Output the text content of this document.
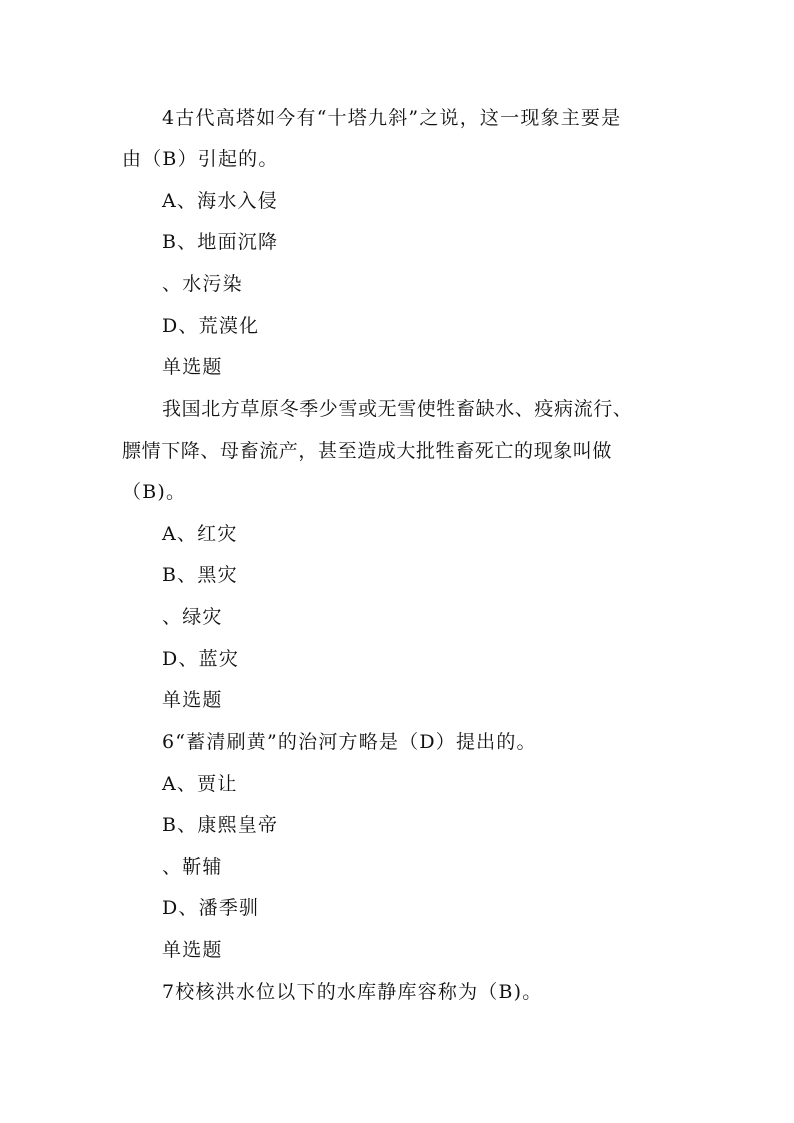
4古代高塔如今有“十塔九斜”之说，这一现象主要是
由（B）引起的。
A、海水入侵
B、地面沉降
、水污染
D、荒漠化
单选题
我国北方草原冬季少雪或无雪使牲畜缺水、疫病流行、
膘情下降、母畜流产，甚至造成大批牲畜死亡的现象叫做
（B)。
A、红灾
B、黑灾
、绿灾
D、蓝灾
单选题
6“蓄清刷黄”的治河方略是（D）提出的。
A、贾让
B、康熙皇帝
、靳辅
D、潘季驯
单选题
7校核洪水位以下的水库静库容称为（B)。
